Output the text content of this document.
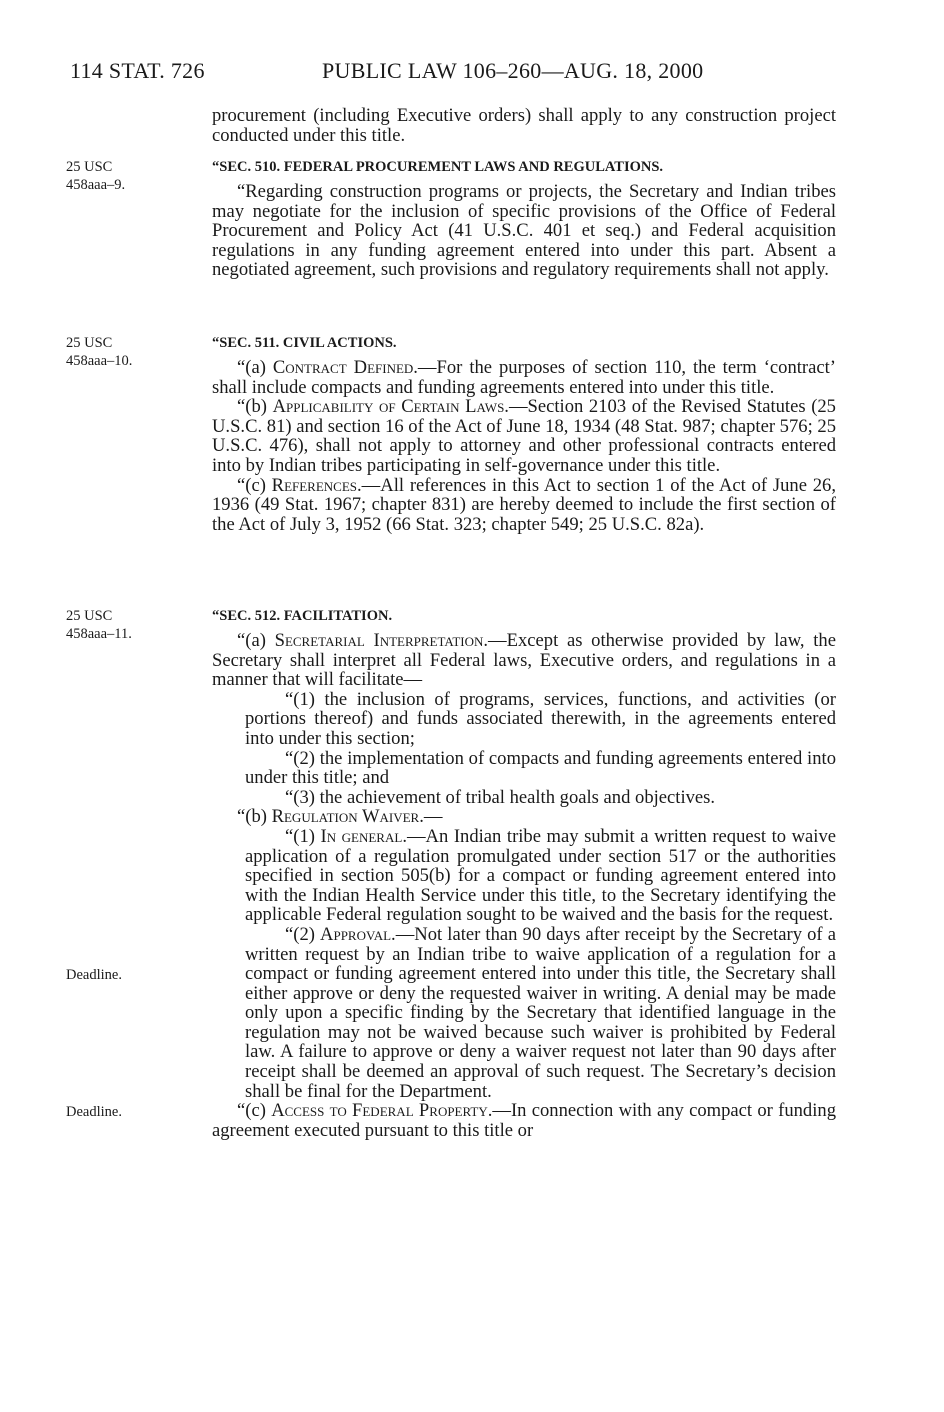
114 STAT. 726	PUBLIC LAW 106–260—AUG. 18, 2000
25 USC
458aaa–9.
25 USC
458aaa–10.
25 USC
458aaa–11.
Deadline.
Deadline.

procurement (including Executive orders) shall apply to any construction project conducted under this title.

“SEC. 510. FEDERAL PROCUREMENT LAWS AND REGULATIONS.

“Regarding construction programs or projects, the Secretary and Indian tribes may negotiate for the inclusion of specific provisions of the Office of Federal Procurement and Policy Act (41 U.S.C. 401 et seq.) and Federal acquisition regulations in any funding agreement entered into under this part. Absent a negotiated agreement, such provisions and regulatory requirements shall not apply.

“SEC. 511. CIVIL ACTIONS.

“(a) Contract Defined.—For the purposes of section 110, the term ‘contract’ shall include compacts and funding agreements entered into under this title.

“(b) Applicability of Certain Laws.—Section 2103 of the Revised Statutes (25 U.S.C. 81) and section 16 of the Act of June 18, 1934 (48 Stat. 987; chapter 576; 25 U.S.C. 476), shall not apply to attorney and other professional contracts entered into by Indian tribes participating in self-governance under this title.

“(c) References.—All references in this Act to section 1 of the Act of June 26, 1936 (49 Stat. 1967; chapter 831) are hereby deemed to include the first section of the Act of July 3, 1952 (66 Stat. 323; chapter 549; 25 U.S.C. 82a).

“SEC. 512. FACILITATION.

“(a) Secretarial Interpretation.—Except as otherwise provided by law, the Secretary shall interpret all Federal laws, Executive orders, and regulations in a manner that will facilitate—

“(1) the inclusion of programs, services, functions, and activities (or portions thereof) and funds associated therewith, in the agreements entered into under this section;

“(2) the implementation of compacts and funding agreements entered into under this title; and

“(3) the achievement of tribal health goals and objectives.

“(b) Regulation Waiver.—

“(1) In general.—An Indian tribe may submit a written request to waive application of a regulation promulgated under section 517 or the authorities specified in section 505(b) for a compact or funding agreement entered into with the Indian Health Service under this title, to the Secretary identifying the applicable Federal regulation sought to be waived and the basis for the request.

“(2) Approval.—Not later than 90 days after receipt by the Secretary of a written request by an Indian tribe to waive application of a regulation for a compact or funding agreement entered into under this title, the Secretary shall either approve or deny the requested waiver in writing. A denial may be made only upon a specific finding by the Secretary that identified language in the regulation may not be waived because such waiver is prohibited by Federal law. A failure to approve or deny a waiver request not later than 90 days after receipt shall be deemed an approval of such request. The Secretary’s decision shall be final for the Department.

“(c) Access to Federal Property.—In connection with any compact or funding agreement executed pursuant to this title or
